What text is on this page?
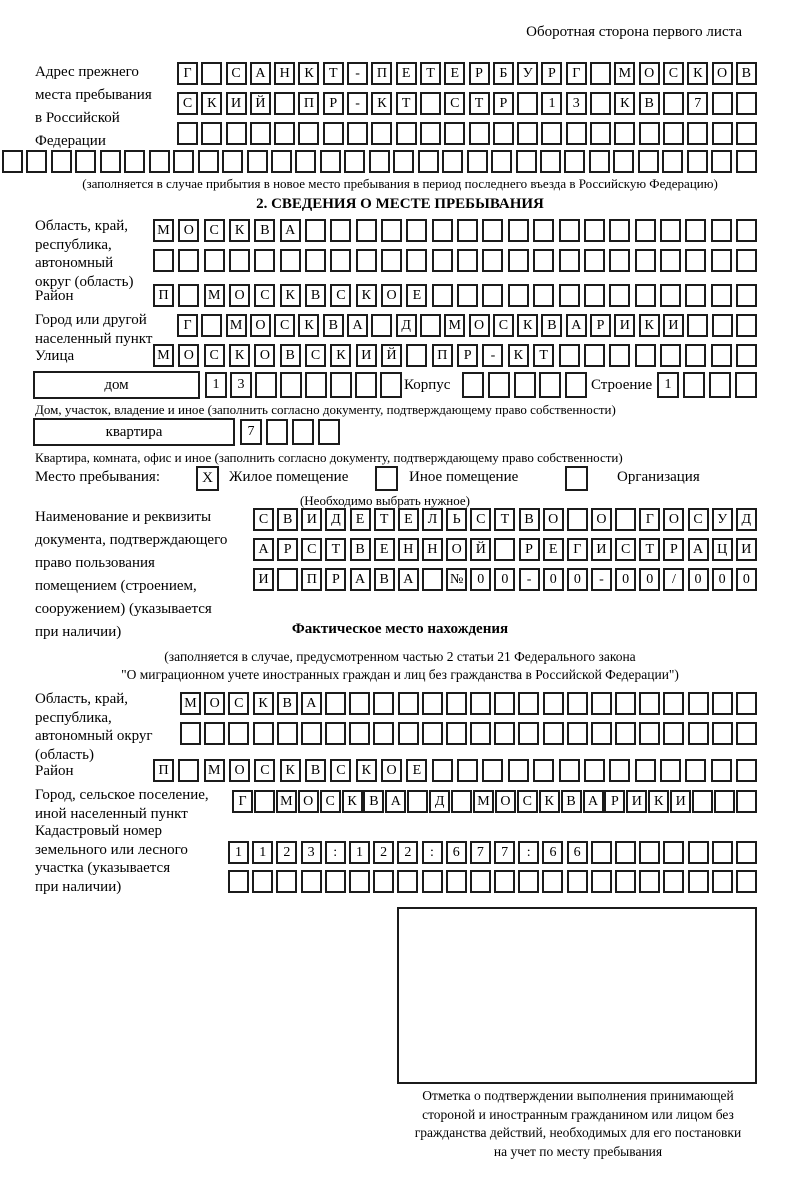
Оборотная сторона первого листа
Адрес прежнего
места пребывания
в Российской
Федерации
Г	С	А	Н	К	Т	-	П	Е	Т	Е	Р	Б	У	Р	Г	М О	С	К	О	В
С	К	И	Й	П	Р	-	К	Т	С	Т	Р	1	3	К	В	7
(заполняется в случае прибытия в новое место пребывания в период последнего въезда в Российскую Федерацию)
2. СВЕДЕНИЯ О МЕСТЕ ПРЕБЫВАНИЯ
Область, край,
республика,
автономный
округ (область)
М	О	С	К	В	А
Район	П	М	О	С	К	В	С	К	О	Е
Город или другой
населенный пункт
Г	М О	С	К	В	А	Д	М О	С	К	В	А	Р	И	К	И
Улица	М	О	С	К	О	В	С	К	И	Й	П	Р	-	К	Т
дом	1	3	Корпус	Строение 1
Дом, участок, владение и иное (заполнить согласно документу, подтверждающему право собственности)
квартира	7
Квартира, комната, офис и иное (заполнить согласно документу, подтверждающему право собственности)
Место пребывания:	X	Жилое помещение	Иное помещение	Организация
(Необходимо выбрать нужное)
Наименование и реквизиты
документа, подтверждающего
право пользования
помещением (строением,
сооружением) (указывается
при наличии)
С	В	И	Д	Е	Т	Е	Л	Ь	С	Т	В	О	О	Г	О	С	У	Д
А	Р	С	Т	В	Е	Н	Н	О	Й	Р	Е	Г	И	С	Т	Р	А	Ц	И
И	П	Р	А	В	А	№ 0	0	-	0	0	-	0	0	/	0	0	0
Фактическое место нахождения
(заполняется в случае, предусмотренном частью 2 статьи 21 Федерального закона
"О миграционном учете иностранных граждан и лиц без гражданства в Российской Федерации")
Область, край,
республика,
автономный округ
(область)
М О	С	К	В	А
Район	П	М	О	С	К	В	С	К	О	Е
Город, сельское поселение,
иной населенный пункт
Г	М О С К В А	Д	М О С К В А Р И К И
Кадастровый номер
земельного или лесного
участка (указывается
при наличии)
1	1	2	3	:	1	2	2	:	6	7	7	:	6	6
Отметка о подтверждении выполнения принимающей
стороной и иностранным гражданином или лицом без
гражданства действий, необходимых для его постановки
на учет по месту пребывания
